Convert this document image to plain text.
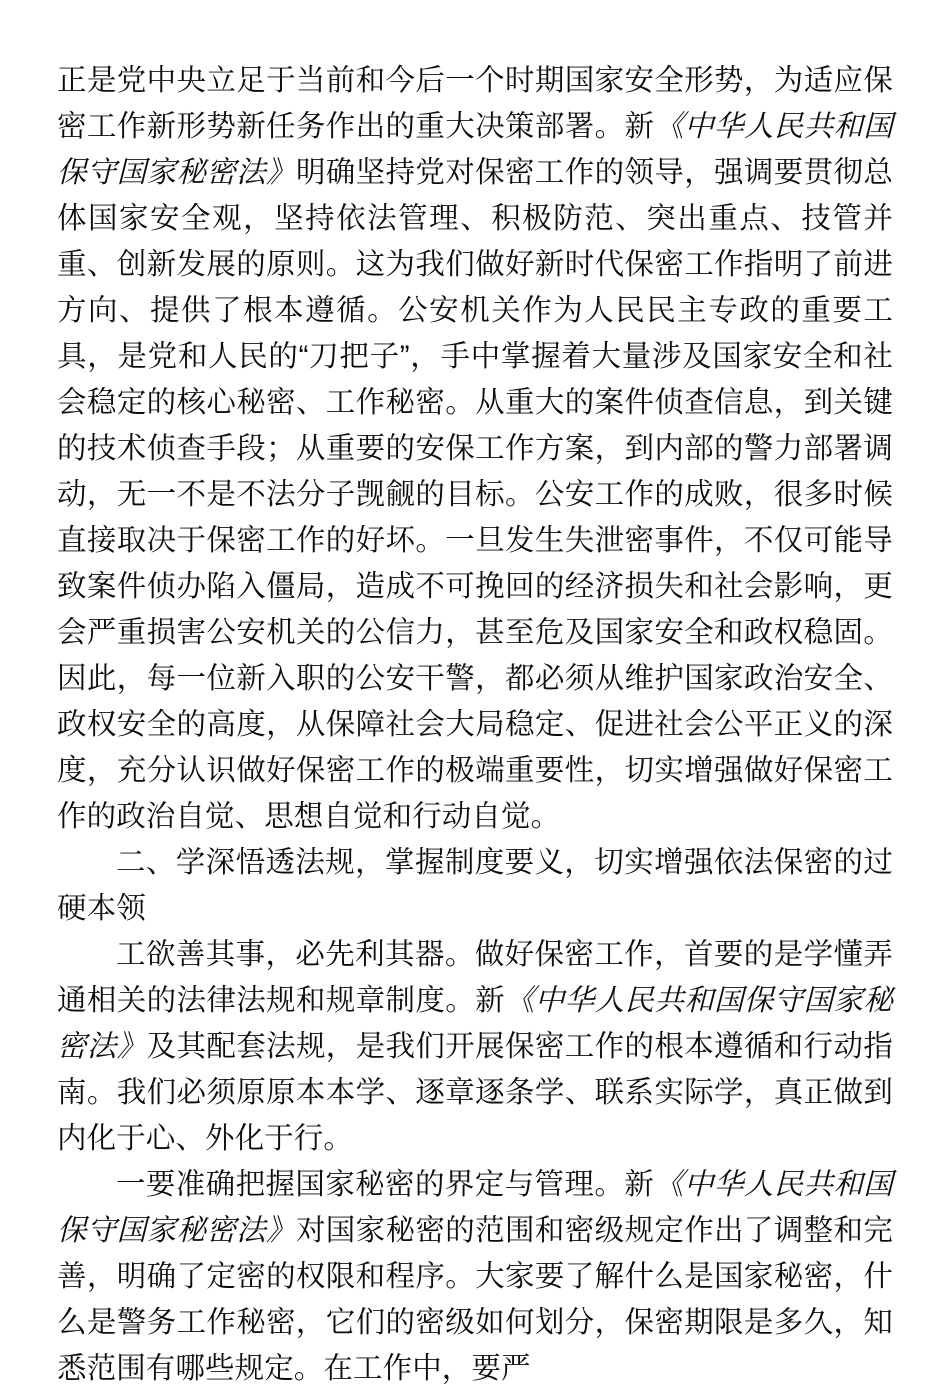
正是党中央立足于当前和今后一个时期国家安全形势，为适应保密工作新形势新任务作出的重大决策部署。新《中华人民共和国保守国家秘密法》明确坚持党对保密工作的领导，强调要贯彻总体国家安全观，坚持依法管理、积极防范、突出重点、技管并重、创新发展的原则。这为我们做好新时代保密工作指明了前进方向、提供了根本遵循。公安机关作为人民民主专政的重要工具，是党和人民的“刀把子”，手中掌握着大量涉及国家安全和社会稳定的核心秘密、工作秘密。从重大的案件侦查信息，到关键的技术侦查手段；从重要的安保工作方案，到内部的警力部署调动，无一不是不法分子觊觎的目标。公安工作的成败，很多时候直接取决于保密工作的好坏。一旦发生失泄密事件，不仅可能导致案件侦办陷入僵局，造成不可挽回的经济损失和社会影响，更会严重损害公安机关的公信力，甚至危及国家安全和政权稳固。因此，每一位新入职的公安干警，都必须从维护国家政治安全、政权安全的高度，从保障社会大局稳定、促进社会公平正义的深度，充分认识做好保密工作的极端重要性，切实增强做好保密工作的政治自觉、思想自觉和行动自觉。

二、学深悟透法规，掌握制度要义，切实增强依法保密的过硬本领

工欲善其事，必先利其器。做好保密工作，首要的是学懂弄通相关的法律法规和规章制度。新《中华人民共和国保守国家秘密法》及其配套法规，是我们开展保密工作的根本遵循和行动指南。我们必须原原本本学、逐章逐条学、联系实际学，真正做到内化于心、外化于行。

一要准确把握国家秘密的界定与管理。新《中华人民共和国保守国家秘密法》对国家秘密的范围和密级规定作出了调整和完善，明确了定密的权限和程序。大家要了解什么是国家秘密，什么是警务工作秘密，它们的密级如何划分，保密期限是多久，知悉范围有哪些规定。在工作中，要严
